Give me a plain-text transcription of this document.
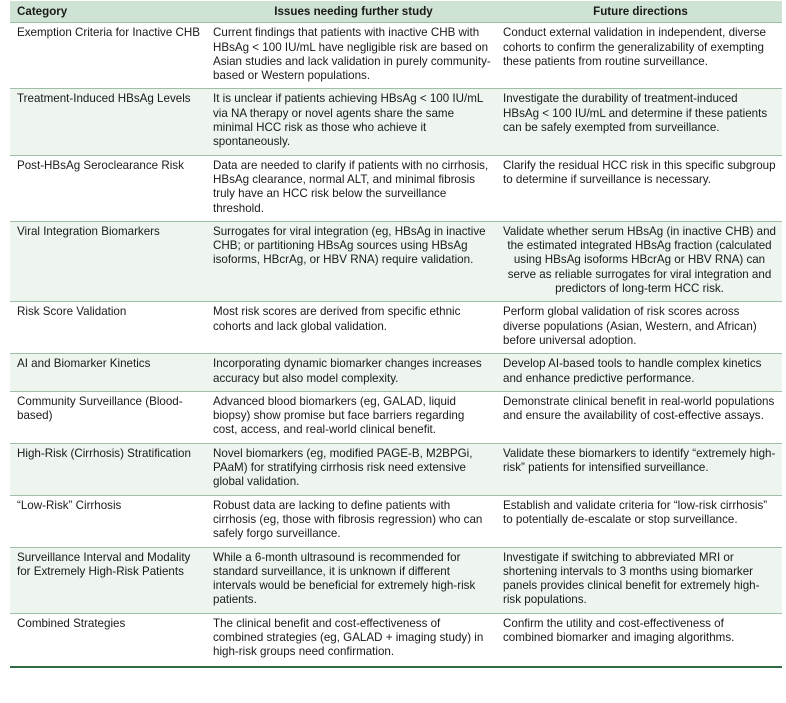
Category	Issues needing further study	Future directions
Exemption Criteria for Inactive CHB	Current findings that patients with inactive CHB with HBsAg < 100 IU/mL have negligible risk are based on Asian studies and lack validation in purely community-based or Western populations.	Conduct external validation in independent, diverse cohorts to confirm the generalizability of exempting these patients from routine surveillance.
Treatment-Induced HBsAg Levels	It is unclear if patients achieving HBsAg < 100 IU/mL via NA therapy or novel agents share the same minimal HCC risk as those who achieve it spontaneously.	Investigate the durability of treatment-induced HBsAg < 100 IU/mL and determine if these patients can be safely exempted from surveillance.
Post-HBsAg Seroclearance Risk	Data are needed to clarify if patients with no cirrhosis, HBsAg clearance, normal ALT, and minimal fibrosis truly have an HCC risk below the surveillance threshold.	Clarify the residual HCC risk in this specific subgroup to determine if surveillance is necessary.
Viral Integration Biomarkers	Surrogates for viral integration (eg, HBsAg in inactive CHB; or partitioning HBsAg sources using HBsAg isoforms, HBcrAg, or HBV RNA) require validation.	Validate whether serum HBsAg (in inactive CHB) and the estimated integrated HBsAg fraction (calculated using HBsAg isoforms HBcrAg or HBV RNA) can serve as reliable surrogates for viral integration and predictors of long-term HCC risk.
Risk Score Validation	Most risk scores are derived from specific ethnic cohorts and lack global validation.	Perform global validation of risk scores across diverse populations (Asian, Western, and African) before universal adoption.
AI and Biomarker Kinetics	Incorporating dynamic biomarker changes increases accuracy but also model complexity.	Develop AI-based tools to handle complex kinetics and enhance predictive performance.
Community Surveillance (Blood-based)	Advanced blood biomarkers (eg, GALAD, liquid biopsy) show promise but face barriers regarding cost, access, and real-world clinical benefit.	Demonstrate clinical benefit in real-world populations and ensure the availability of cost-effective assays.
High-Risk (Cirrhosis) Stratification	Novel biomarkers (eg, modified PAGE-B, M2BPGi, PAaM) for stratifying cirrhosis risk need extensive global validation.	Validate these biomarkers to identify “extremely high-risk” patients for intensified surveillance.
“Low-Risk” Cirrhosis	Robust data are lacking to define patients with cirrhosis (eg, those with fibrosis regression) who can safely forgo surveillance.	Establish and validate criteria for “low-risk cirrhosis” to potentially de-escalate or stop surveillance.
Surveillance Interval and Modality for Extremely High-Risk Patients	While a 6-month ultrasound is recommended for standard surveillance, it is unknown if different intervals would be beneficial for extremely high-risk patients.	Investigate if switching to abbreviated MRI or shortening intervals to 3 months using biomarker panels provides clinical benefit for extremely high-risk populations.
Combined Strategies	The clinical benefit and cost-effectiveness of combined strategies (eg, GALAD + imaging study) in high-risk groups need confirmation.	Confirm the utility and cost-effectiveness of combined biomarker and imaging algorithms.
